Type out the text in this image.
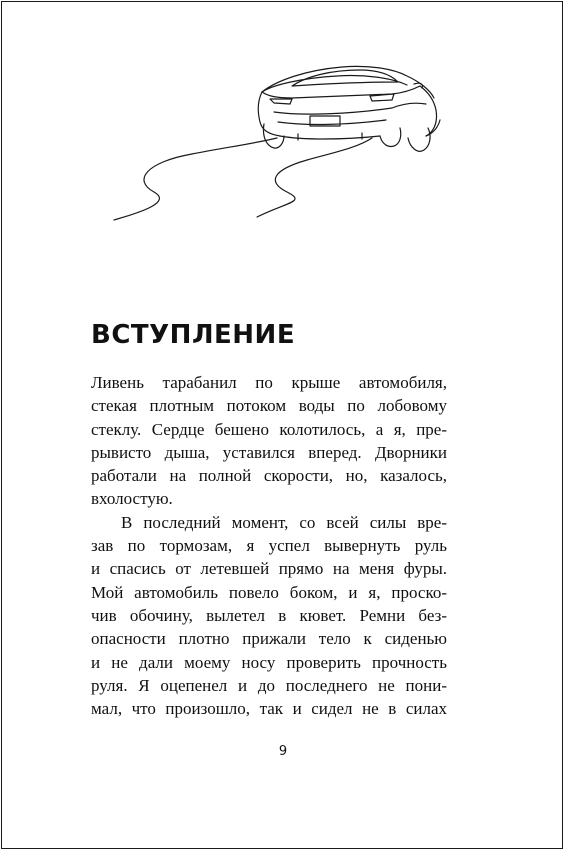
ВСТУПЛЕНИЕ
Ливень тарабанил по крыше автомобиля,
стекая плотным потоком воды по лобовому
стеклу. Сердце бешено колотилось, а я, пре-
рывисто дыша, уставился вперед. Дворники
работали на полной скорости, но, казалось,
вхолостую.
В последний момент, со всей силы вре-
зав по тормозам, я успел вывернуть руль
и спасись от летевшей прямо на меня фуры.
Мой автомобиль повело боком, и я, проско-
чив обочину, вылетел в кювет. Ремни без-
опасности плотно прижали тело к сиденью
и не дали моему носу проверить прочность
руля. Я оцепенел и до последнего не пони-
мал, что произошло, так и сидел не в силах
9
